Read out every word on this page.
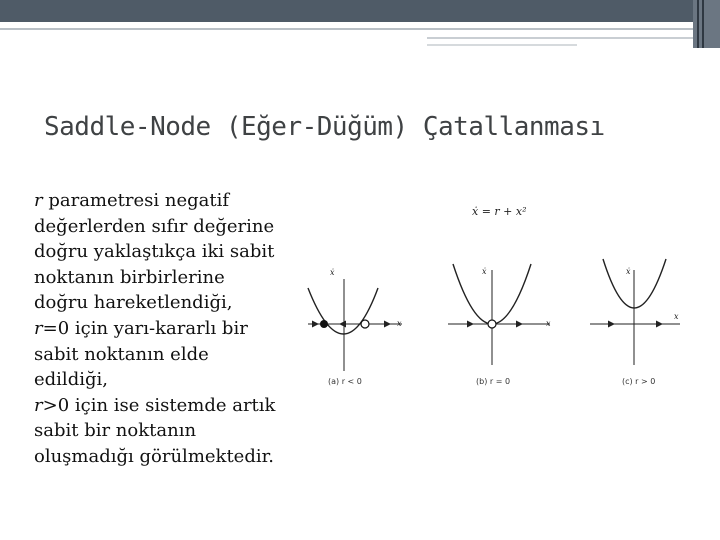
Saddle-Node (Eğer-Düğüm) Çatallanması
r parametresi negatif
değerlerden sıfır değerine
doğru yaklaştıkça iki sabit
noktanın birbirlerine
doğru hareketlendiği,
r=0 için yarı-kararlı bir
sabit noktanın elde
edildiği,
r>0 için ise sistemde artık
sabit bir noktanın
oluşmadığı görülmektedir.
ẋ = r + x²
ẋ
x
(a) r < 0
ẋ
x
(b) r = 0
ẋ
x
(c) r > 0
